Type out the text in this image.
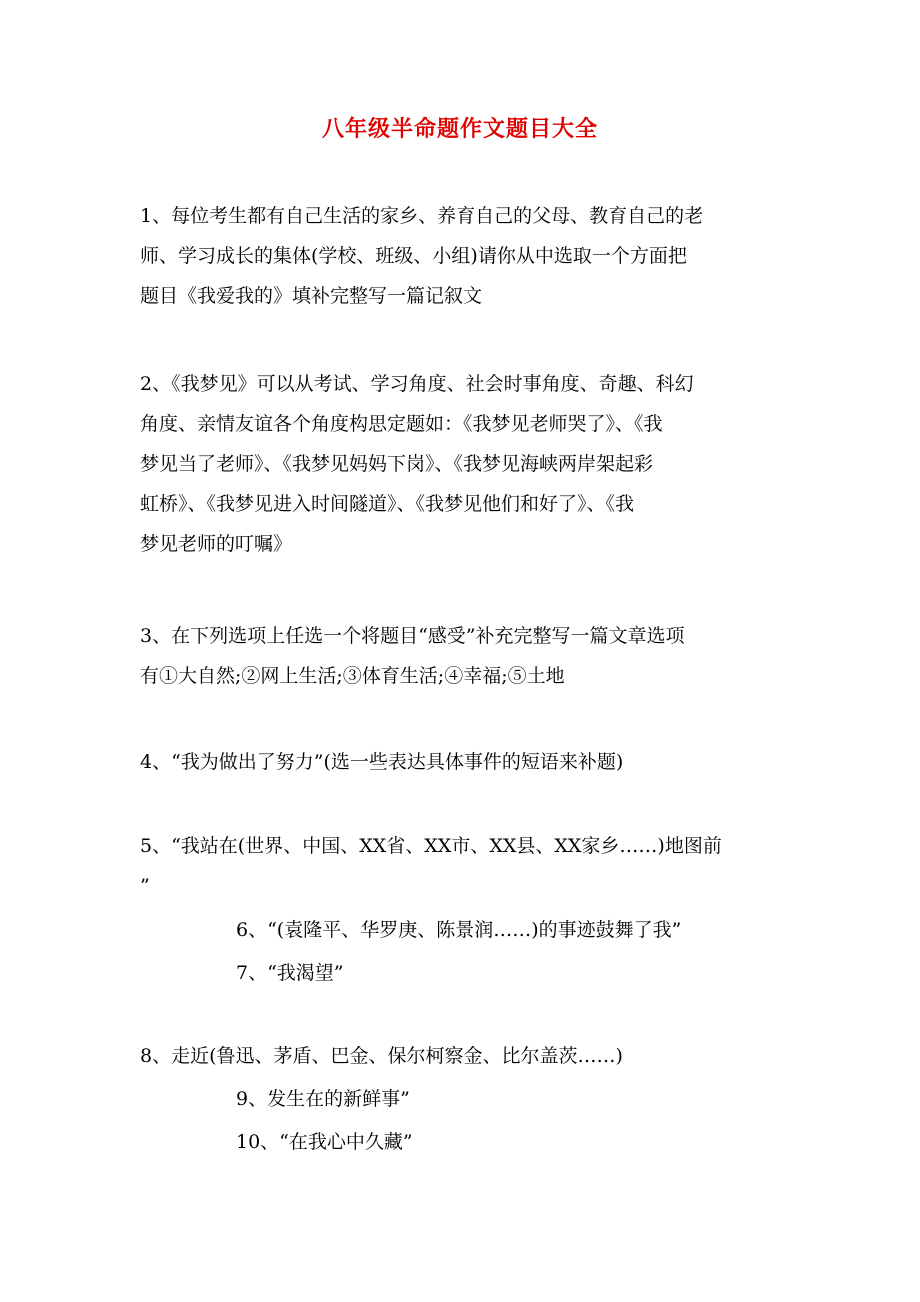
八年级半命题作文题目大全
1、每位考生都有自己生活的家乡、养育自己的父母、教育自己的老
师、学习成长的集体(学校、班级、小组)请你从中选取一个方面把
题目《我爱我的》填补完整写一篇记叙文
2、《我梦见》可以从考试、学习角度、社会时事角度、奇趣、科幻
角度、亲情友谊各个角度构思定题如：《我梦见老师哭了》、《我
梦见当了老师》、《我梦见妈妈下岗》、《我梦见海峡两岸架起彩
虹桥》、《我梦见进入时间隧道》、《我梦见他们和好了》、《我
梦见老师的叮嘱》
3、在下列选项上任选一个将题目“感受”补充完整写一篇文章选项
有①大自然;②网上生活;③体育生活;④幸福;⑤土地
4、“我为做出了努力”(选一些表达具体事件的短语来补题)
5、“我站在(世界、中国、XX省、XX市、XX县、XX家乡……)地图前
”
6、“(袁隆平、华罗庚、陈景润……)的事迹鼓舞了我”
7、“我渴望”
8、走近(鲁迅、茅盾、巴金、保尔柯察金、比尔盖茨……)
9、发生在的新鲜事”
10、“在我心中久藏”
